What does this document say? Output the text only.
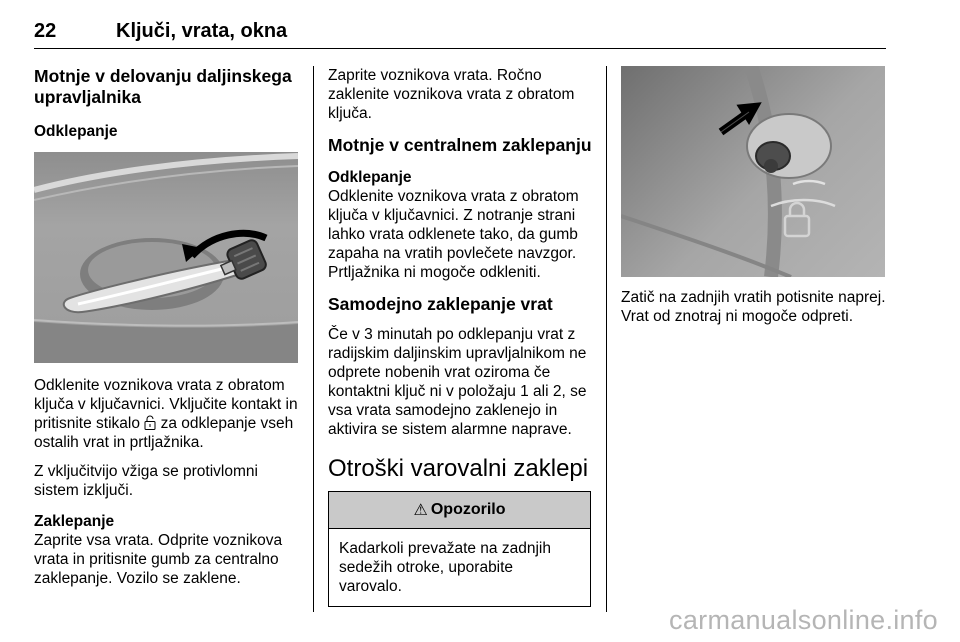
22	Ključi, vrata, okna
Motnje v delovanju daljinskega upravljalnika
Odklepanje

Odklenite voznikova vrata z obratom ključa v ključavnici. Vključite kontakt in pritisnite stikalo za odklepanje vseh ostalih vrat in prtljažnika.

Z vključitvijo vžiga se protivlomni sistem izključi.

Zaklepanje

Zaprite vsa vrata. Odprite voznikova vrata in pritisnite gumb za centralno zaklepanje. Vozilo se zaklene.

Zaprite voznikova vrata. Ročno zaklenite voznikova vrata z obratom ključa.

Motnje v centralnem zaklepanju
Odklepanje

Odklenite voznikova vrata z obratom ključa v ključavnici. Z notranje strani lahko vrata odklenete tako, da gumb zapaha na vratih povlečete navzgor. Prtljažnika ni mogoče odkleniti.

Samodejno zaklepanje vrat

Če v 3 minutah po odklepanju vrat z radijskim daljinskim upravljalnikom ne odprete nobenih vrat oziroma če kontaktni ključ ni v položaju 1 ali 2, se vsa vrata samodejno zaklenejo in aktivira se sistem alarmne naprave.

Otroški varovalni zaklepi
⚠ Opozorilo
Kadarkoli prevažate na zadnjih sedežih otroke, uporabite varovalo.

Zatič na zadnjih vratih potisnite naprej. Vrat od znotraj ni mogoče odpreti.

carmanualsonline.info
